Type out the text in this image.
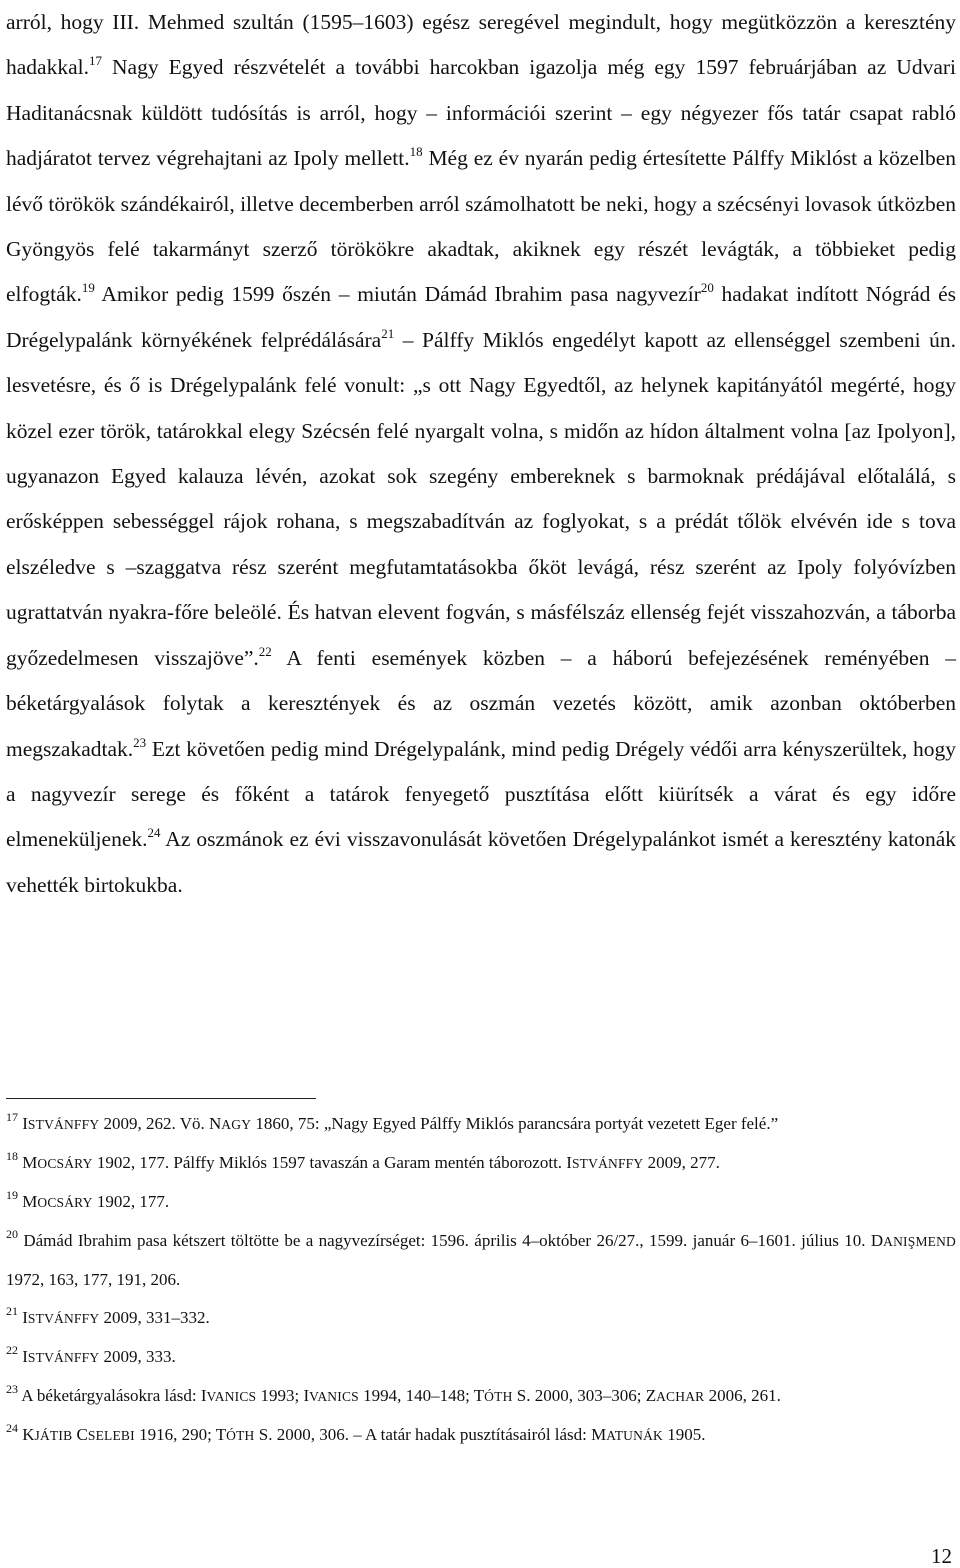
arról, hogy III. Mehmed szultán (1595–1603) egész seregével megindult, hogy megütközzön a keresztény hadakkal.$^{17}$ Nagy Egyed részvételét a további harcokban igazolja még egy 1597 februárjában az Udvari Haditanácsnak küldött tudósítás is arról, hogy – információi szerint – egy négyezer fős tatár csapat rabló hadjáratot tervez végrehajtani az Ipoly mellett.$^{18}$ Még ez év nyarán pedig értesítette Pálffy Miklóst a közelben lévő törökök szándékairól, illetve decemberben arról számolhatott be neki, hogy a szécsényi lovasok útközben Gyöngyös felé takarmányt szerző törökökre akadtak, akiknek egy részét levágták, a többieket pedig elfogták.$^{19}$ Amikor pedig 1599 őszén – miután Dámád Ibrahim pasa nagyvezír$^{20}$ hadakat indított Nógrád és Drégelypalánk környékének felprédálására$^{21}$ – Pálffy Miklós engedélyt kapott az ellenséggel szembeni ún. lesvetésre, és ő is Drégelypalánk felé vonult: „s ott Nagy Egyedtől, az helynek kapitányától megérté, hogy közel ezer török, tatárokkal elegy Szécsén felé nyargalt volna, s midőn az hídon általment volna [az Ipolyon], ugyanazon Egyed kalauza lévén, azokat sok szegény embereknek s barmoknak prédájával előtalálá, s erősképpen sebességgel rájok rohana, s megszabadítván az foglyokat, s a prédát tőlök elvévén ide s tova elszéledve s –szaggatva rész szerént megfutamtatásokba őköt levágá, rész szerént az Ipoly folyóvízben ugrattatván nyakra-főre beleölé. És hatvan elevent fogván, s másfélszáz ellenség fejét visszahozván, a táborba győzedelmesen visszajöve”.$^{22}$ A fenti események közben – a háború befejezésének reményében – béketárgyalások folytak a keresztények és az oszmán vezetés között, amik azonban októberben megszakadtak.$^{23}$ Ezt követően pedig mind Drégelypalánk, mind pedig Drégely védői arra kényszerültek, hogy a nagyvezír serege és főként a tatárok fenyegető pusztítása előtt kiürítsék a várat és egy időre elmeneküljenek.$^{24}$ Az oszmánok ez évi visszavonulását követően Drégelypalánkot ismét a keresztény katonák vehették birtokukba.

$^{17}$ ISTVÁNFFY 2009, 262. Vö. NAGY 1860, 75: „Nagy Egyed Pálffy Miklós parancsára portyát vezetett Eger felé.”

$^{18}$ MOCSÁRY 1902, 177. Pálffy Miklós 1597 tavaszán a Garam mentén táborozott. ISTVÁNFFY 2009, 277.

$^{19}$ MOCSÁRY 1902, 177.

$^{20}$ Dámád Ibrahim pasa kétszert töltötte be a nagyvezírséget: 1596. április 4–október 26/27., 1599. január 6–1601. július 10. DANIŞMEND 1972, 163, 177, 191, 206.

$^{21}$ ISTVÁNFFY 2009, 331–332.

$^{22}$ ISTVÁNFFY 2009, 333.

$^{23}$ A béketárgyalásokra lásd: IVANICS 1993; IVANICS 1994, 140–148; TÓTH S. 2000, 303–306; ZACHAR 2006, 261.

$^{24}$ KJÁTIB CSELEBI 1916, 290; TÓTH S. 2000, 306. – A tatár hadak pusztításairól lásd: MATUNÁK 1905.

12
